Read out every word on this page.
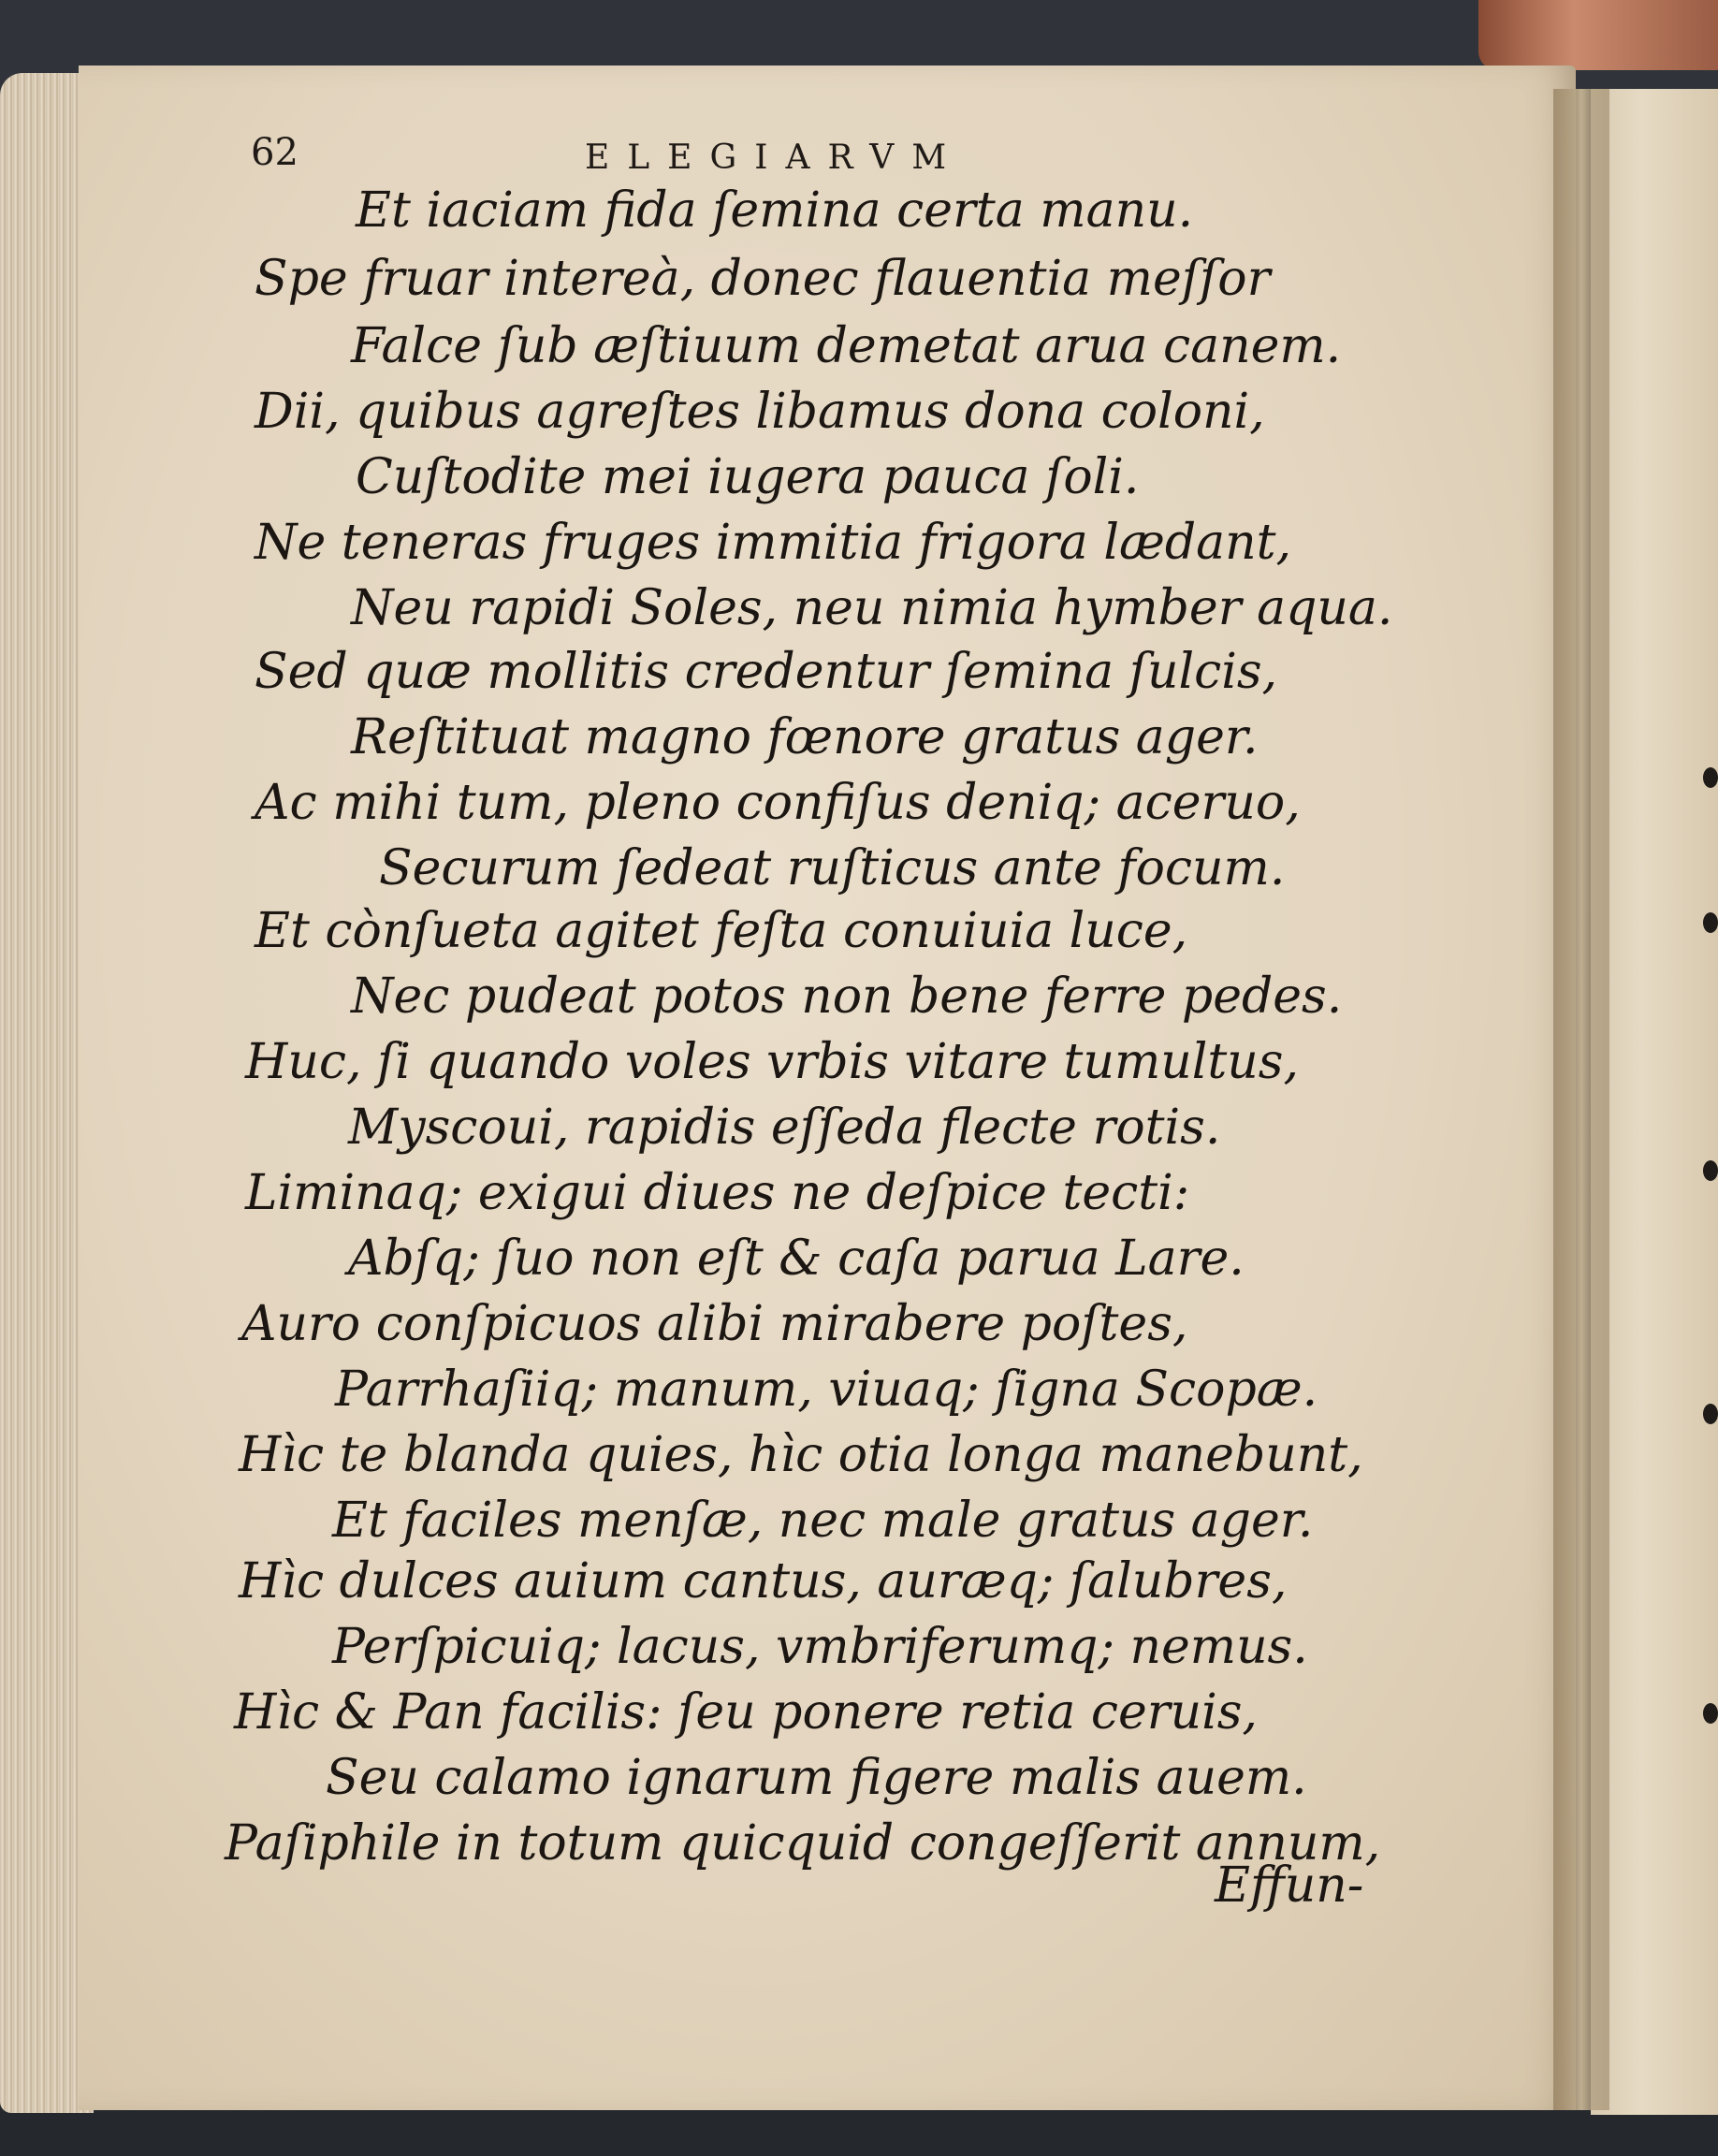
62	ELEGIARVM
Et iaciam fida ſemina certa manu.
Spe fruar intereà, donec flauentia meſſor
Falce ſub æſtiuum demetat arua canem.
Dii, quibus agreſtes libamus dona coloni,
Cuſtodite mei iugera pauca ſoli.
Ne teneras fruges immitia frigora lædant,
Neu rapidi Soles, neu nimia hymber aqua.
Sed quæ mollitis credentur ſemina ſulcis,
Reſtituat magno fœnore gratus ager.
Ac mihi tum, pleno confiſus deniq; aceruo,
Securum ſedeat ruſticus ante focum.
Et cònſueta agitet feſta conuiuia luce,
Nec pudeat potos non bene ferre pedes.
Huc, ſi quando voles vrbis vitare tumultus,
Myscoui, rapidis eſſeda flecte rotis.
Liminaq; exigui diues ne deſpice tecti:
Abſq; ſuo non eſt & caſa parua Lare.
Auro conſpicuos alibi mirabere poſtes,
Parrhaſiiq; manum, viuaq; ſigna Scopæ.
Hìc te blanda quies, hìc otia longa manebunt,
Et faciles menſæ, nec male gratus ager.
Hìc dulces auium cantus, auræq; ſalubres,
Perſpicuiq; lacus, vmbriferumq; nemus.
Hìc & Pan facilis: ſeu ponere retia ceruis,
Seu calamo ignarum figere malis auem.
Paſiphile in totum quicquid congeſſerit annum,
Effun-
